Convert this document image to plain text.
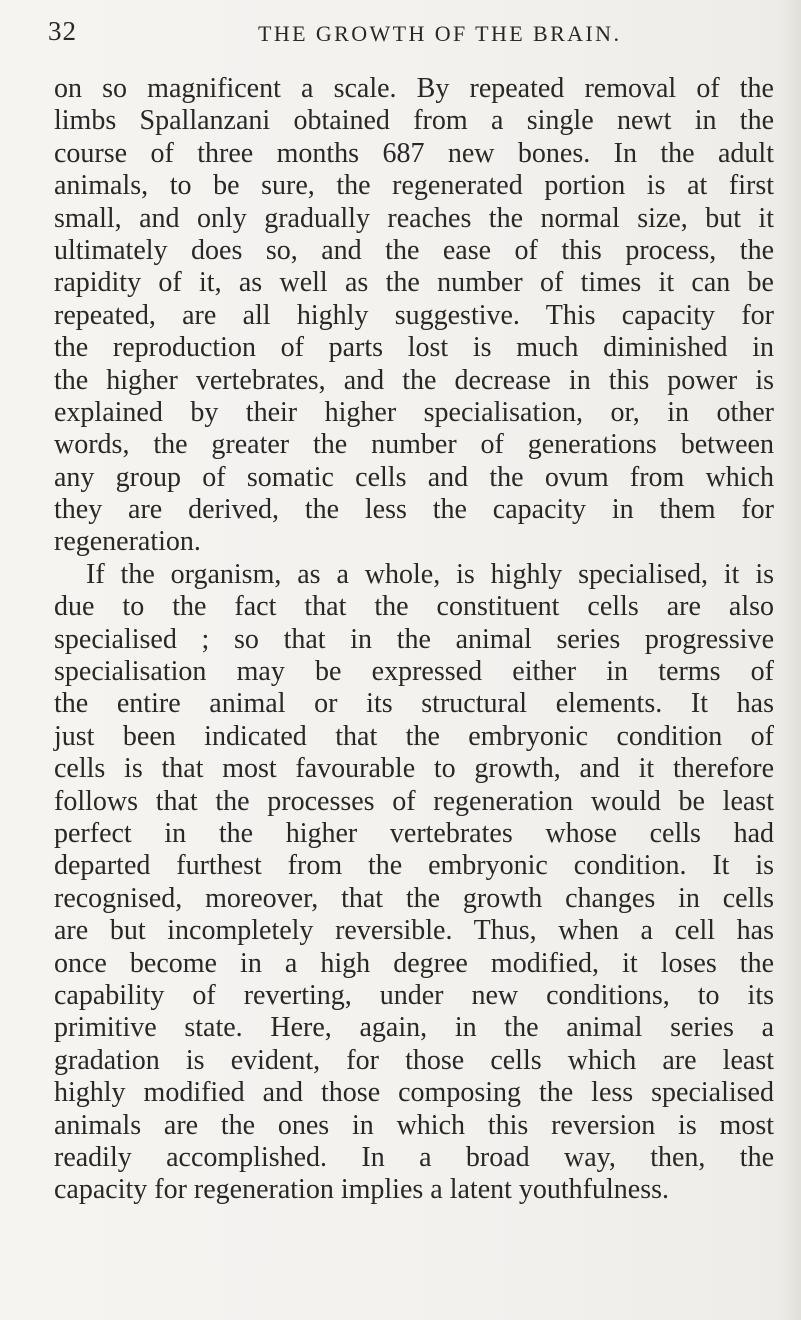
32	THE GROWTH OF THE BRAIN.
on so magnificent a scale. By repeated removal of the
limbs Spallanzani obtained from a single newt in the
course of three months 687 new bones. In the adult
animals, to be sure, the regenerated portion is at first
small, and only gradually reaches the normal size, but it
ultimately does so, and the ease of this process, the
rapidity of it, as well as the number of times it can be
repeated, are all highly suggestive. This capacity for
the reproduction of parts lost is much diminished in
the higher vertebrates, and the decrease in this power is
explained by their higher specialisation, or, in other
words, the greater the number of generations between
any group of somatic cells and the ovum from which
they are derived, the less the capacity in them for
regeneration.
If the organism, as a whole, is highly specialised, it is
due to the fact that the constituent cells are also
specialised ; so that in the animal series progressive
specialisation may be expressed either in terms of
the entire animal or its structural elements. It has
just been indicated that the embryonic condition of
cells is that most favourable to growth, and it therefore
follows that the processes of regeneration would be least
perfect in the higher vertebrates whose cells had
departed furthest from the embryonic condition. It is
recognised, moreover, that the growth changes in cells
are but incompletely reversible. Thus, when a cell has
once become in a high degree modified, it loses the
capability of reverting, under new conditions, to its
primitive state. Here, again, in the animal series a
gradation is evident, for those cells which are least
highly modified and those composing the less specialised
animals are the ones in which this reversion is most
readily accomplished. In a broad way, then, the
capacity for regeneration implies a latent youthfulness.
